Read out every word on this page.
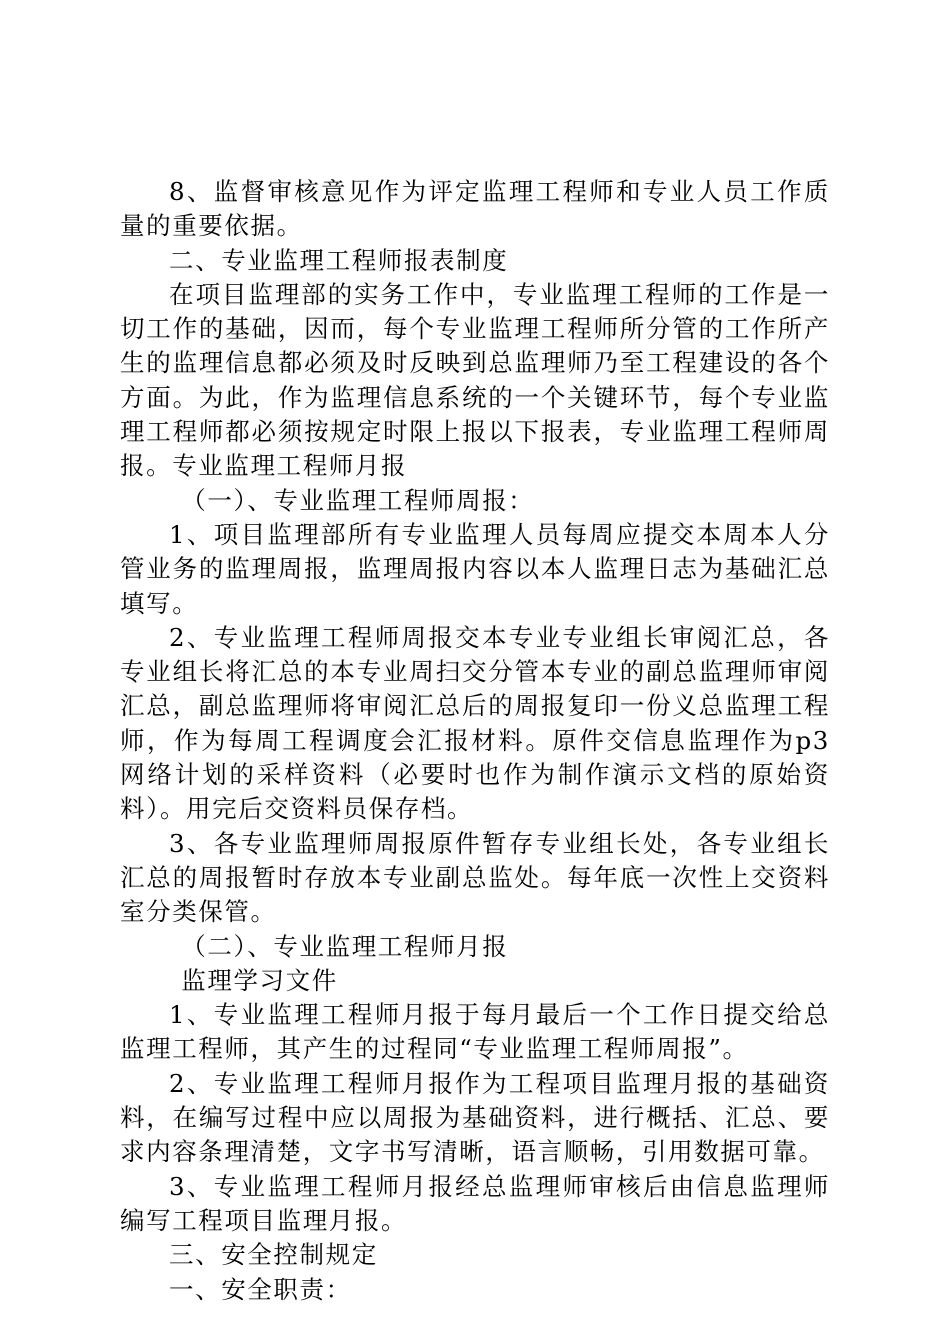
8、监督审核意见作为评定监理工程师和专业人员工作质量的重要依据。

二、专业监理工程师报表制度

在项目监理部的实务工作中，专业监理工程师的工作是一切工作的基础，因而，每个专业监理工程师所分管的工作所产生的监理信息都必须及时反映到总监理师乃至工程建设的各个方面。为此，作为监理信息系统的一个关键环节，每个专业监理工程师都必须按规定时限上报以下报表，专业监理工程师周报。专业监理工程师月报

（一）、专业监理工程师周报：

1、项目监理部所有专业监理人员每周应提交本周本人分管业务的监理周报，监理周报内容以本人监理日志为基础汇总填写。

2、专业监理工程师周报交本专业专业组长审阅汇总，各专业组长将汇总的本专业周扫交分管本专业的副总监理师审阅汇总，副总监理师将审阅汇总后的周报复印一份义总监理工程师，作为每周工程调度会汇报材料。原件交信息监理作为p3网络计划的采样资料（必要时也作为制作演示文档的原始资料）。用完后交资料员保存档。

3、各专业监理师周报原件暂存专业组长处，各专业组长汇总的周报暂时存放本专业副总监处。每年底一次性上交资料室分类保管。

（二）、专业监理工程师月报

监理学习文件

1、专业监理工程师月报于每月最后一个工作日提交给总监理工程师，其产生的过程同“专业监理工程师周报”。

2、专业监理工程师月报作为工程项目监理月报的基础资料，在编写过程中应以周报为基础资料，进行概括、汇总、要求内容条理清楚，文字书写清晰，语言顺畅，引用数据可靠。

3、专业监理工程师月报经总监理师审核后由信息监理师编写工程项目监理月报。

三、安全控制规定

一、安全职责：
